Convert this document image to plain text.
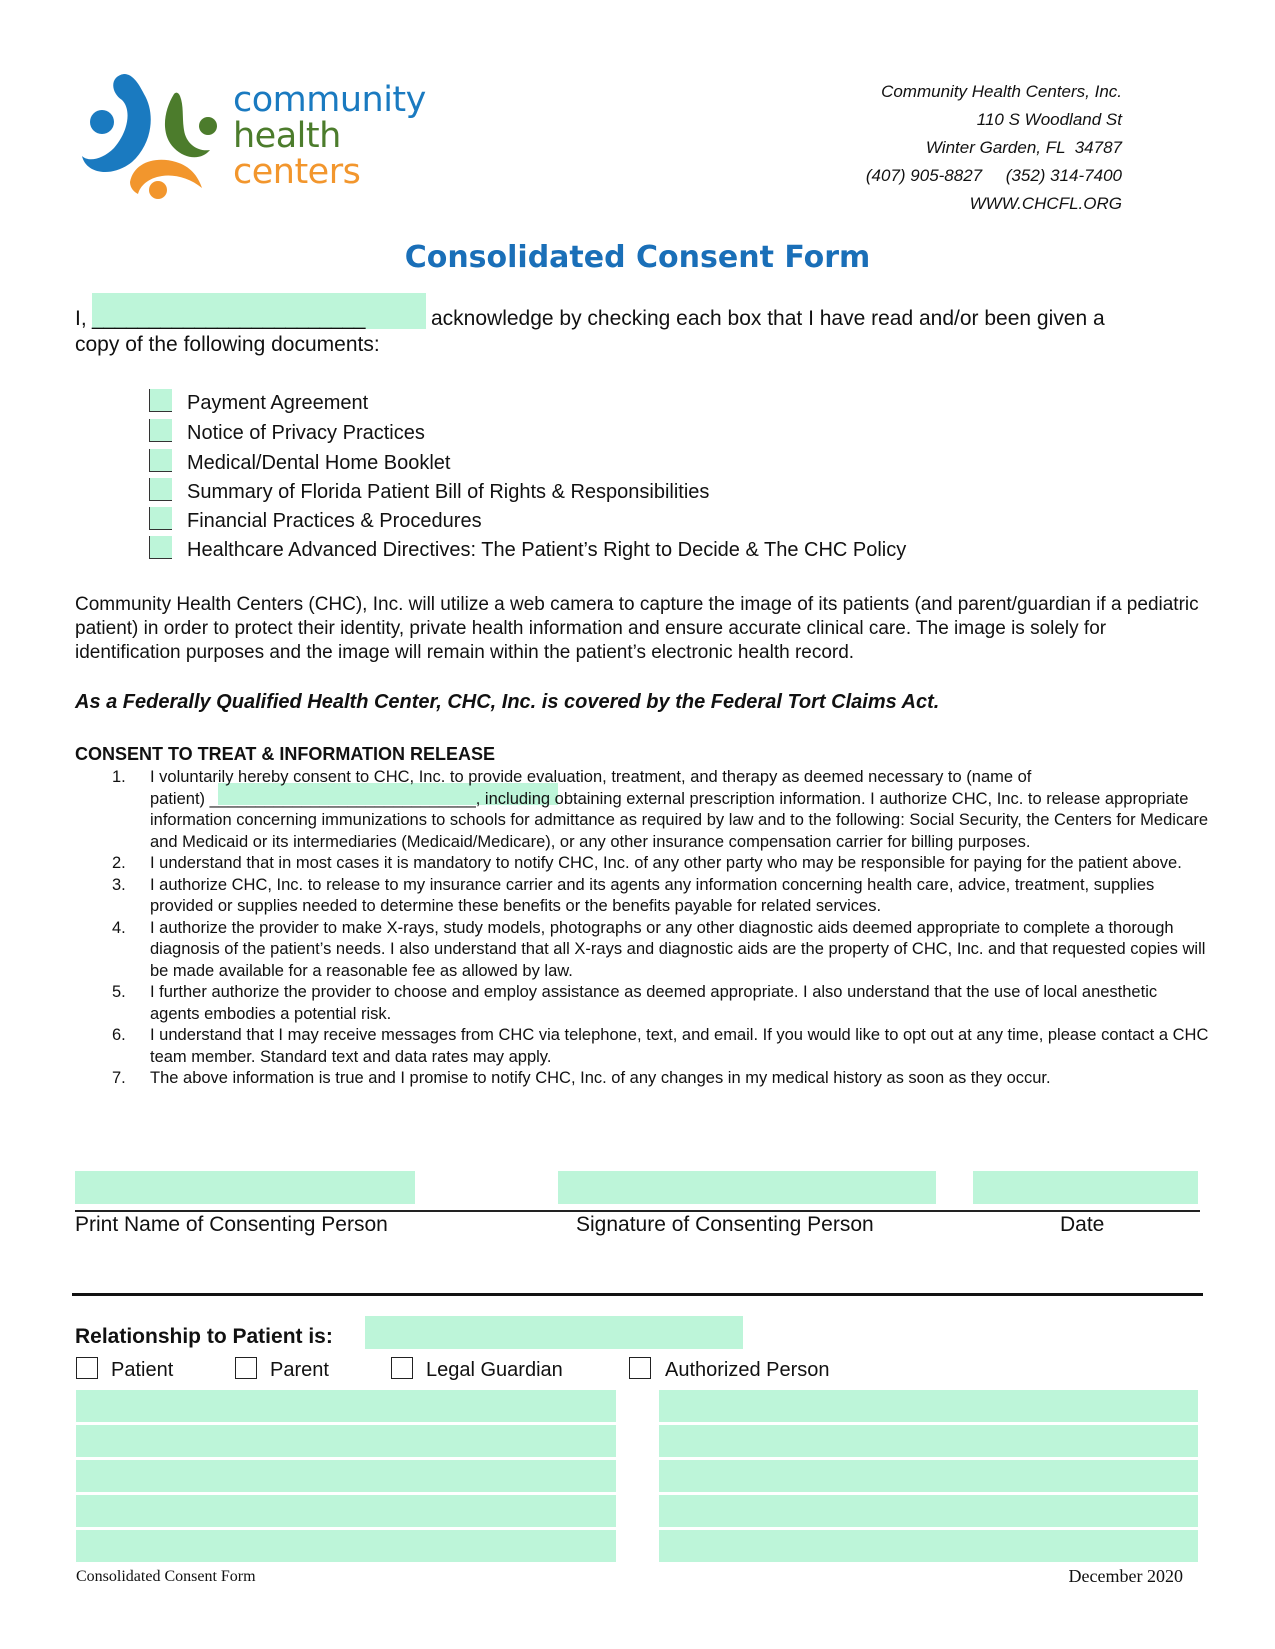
community
health
centers
Community Health Centers, Inc.
110 S Woodland St
Winter Garden, FL  34787
(407) 905-8827     (352) 314-7400
WWW.CHCFL.ORG
Consolidated Consent Form
I, ________________________	acknowledge by checking each box that I have read and/or been given a
copy of the following documents:
Payment Agreement
Notice of Privacy Practices
Medical/Dental Home Booklet
Summary of Florida Patient Bill of Rights & Responsibilities
Financial Practices & Procedures
Healthcare Advanced Directives: The Patient’s Right to Decide & The CHC Policy
Community Health Centers (CHC), Inc. will utilize a web camera to capture the image of its patients (and parent/guardian if a pediatric patient) in order to protect their identity, private health information and ensure accurate clinical care. The image is solely for identification purposes and the image will remain within the patient’s electronic health record.
As a Federally Qualified Health Center, CHC, Inc. is covered by the Federal Tort Claims Act.
CONSENT TO TREAT & INFORMATION RELEASE
1. I voluntarily hereby consent to CHC, Inc. to provide evaluation, treatment, and therapy as deemed necessary to (name of
patient) _____________________________, including obtaining external prescription information. I authorize CHC, Inc. to release appropriate information concerning immunizations to schools for admittance as required by law and to the following: Social Security, the Centers for Medicare and Medicaid or its intermediaries (Medicaid/Medicare), or any other insurance compensation carrier for billing purposes.
2. I understand that in most cases it is mandatory to notify CHC, Inc. of any other party who may be responsible for paying for the patient above.
3. I authorize CHC, Inc. to release to my insurance carrier and its agents any information concerning health care, advice, treatment, supplies provided or supplies needed to determine these benefits or the benefits payable for related services.
4. I authorize the provider to make X-rays, study models, photographs or any other diagnostic aids deemed appropriate to complete a thorough diagnosis of the patient’s needs. I also understand that all X-rays and diagnostic aids are the property of CHC, Inc. and that requested copies will be made available for a reasonable fee as allowed by law.
5. I further authorize the provider to choose and employ assistance as deemed appropriate. I also understand that the use of local anesthetic agents embodies a potential risk.
6. I understand that I may receive messages from CHC via telephone, text, and email. If you would like to opt out at any time, please contact a CHC team member. Standard text and data rates may apply.
7. The above information is true and I promise to notify CHC, Inc. of any changes in my medical history as soon as they occur.
Print Name of Consenting Person	Signature of Consenting Person	Date
Relationship to Patient is:
Patient	Parent	Legal Guardian	Authorized Person
Consolidated Consent Form	December 2020
